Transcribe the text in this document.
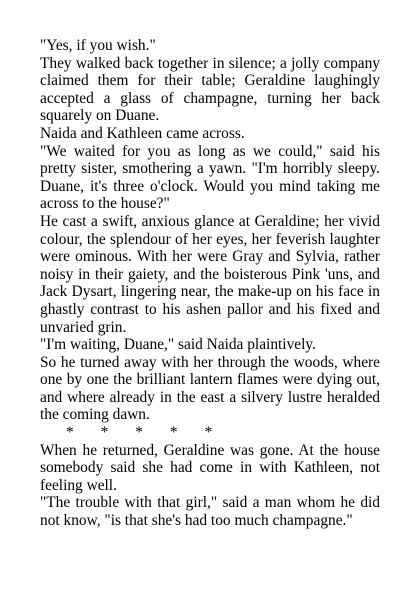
"Yes, if you wish."

They walked back together in silence; a jolly company claimed them for their table; Geraldine laughingly accepted a glass of champagne, turning her back squarely on Duane.

Naida and Kathleen came across.

"We waited for you as long as we could," said his pretty sister, smothering a yawn. "I'm horribly sleepy. Duane, it's three o'clock. Would you mind taking me across to the house?"

He cast a swift, anxious glance at Geraldine; her vivid colour, the splendour of her eyes, her feverish laughter were ominous. With her were Gray and Sylvia, rather noisy in their gaiety, and the boisterous Pink 'uns, and Jack Dysart, lingering near, the make-up on his face in ghastly contrast to his ashen pallor and his fixed and unvaried grin.

"I'm waiting, Duane," said Naida plaintively.

So he turned away with her through the woods, where one by one the brilliant lantern flames were dying out, and where already in the east a silvery lustre heralded the coming dawn.

*       *       *       *       *

When he returned, Geraldine was gone. At the house somebody said she had come in with Kathleen, not feeling well.

"The trouble with that girl," said a man whom he did not know, "is that she's had too much champagne."
